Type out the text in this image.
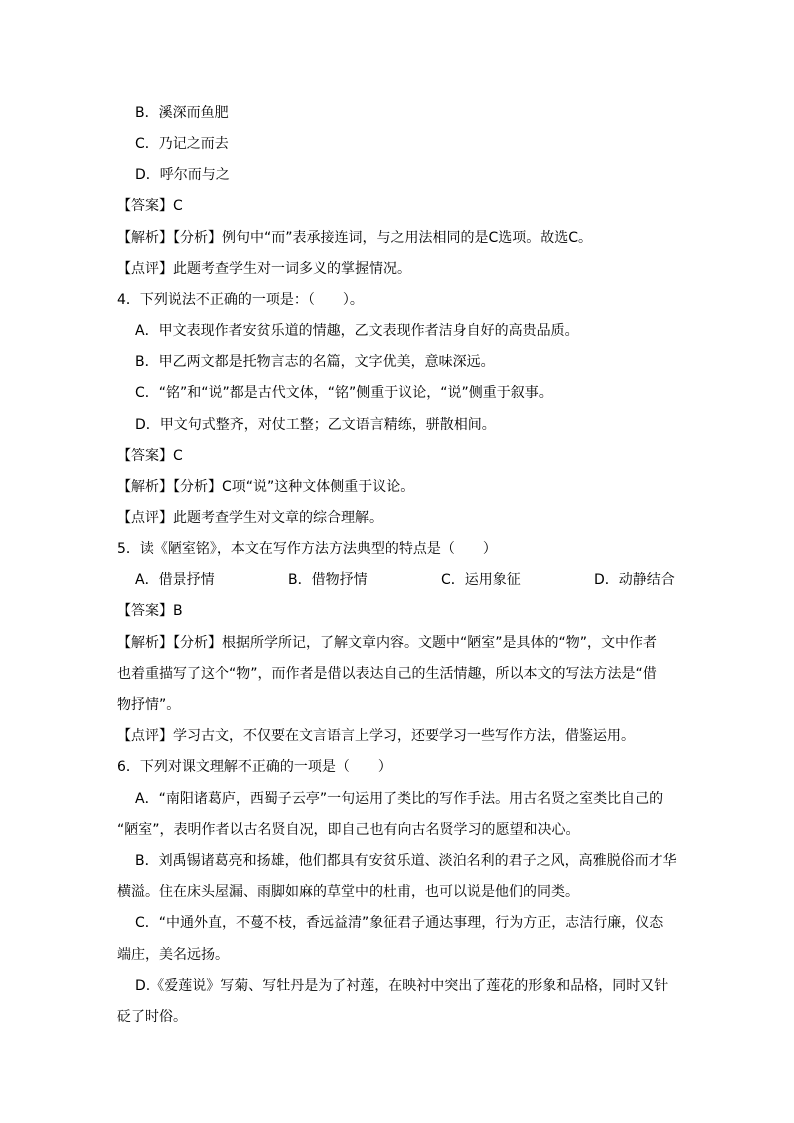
B．溪深而鱼肥
C．乃记之而去
D．呼尔而与之
【答案】C
【解析】【分析】例句中“而”表承接连词，与之用法相同的是C选项。故选C。
【点评】此题考查学生对一词多义的掌握情况。
4．下列说法不正确的一项是：（　　）。
A．甲文表现作者安贫乐道的情趣，乙文表现作者洁身自好的高贵品质。
B．甲乙两文都是托物言志的名篇，文字优美，意味深远。
C．“铭”和“说”都是古代文体，“铭”侧重于议论，“说”侧重于叙事。
D．甲文句式整齐，对仗工整；乙文语言精练，骈散相间。
【答案】C
【解析】【分析】C项“说”这种文体侧重于议论。
【点评】此题考查学生对文章的综合理解。
5．读《陋室铭》，本文在写作方法方法典型的特点是（　　）
A．借景抒情	B．借物抒情	C．运用象征	D．动静结合
【答案】B
【解析】【分析】根据所学所记，了解文章内容。文题中“陋室”是具体的“物”，文中作者
也着重描写了这个“物”，而作者是借以表达自己的生活情趣，所以本文的写法方法是“借
物抒情”。
【点评】学习古文，不仅要在文言语言上学习，还要学习一些写作方法，借鉴运用。
6．下列对课文理解不正确的一项是（　　）
A．“南阳诸葛庐，西蜀子云亭”一句运用了类比的写作手法。用古名贤之室类比自己的
“陋室”，表明作者以古名贤自况，即自己也有向古名贤学习的愿望和决心。
B．刘禹锡诸葛亮和扬雄，他们都具有安贫乐道、淡泊名利的君子之风，高雅脱俗而才华
横溢。住在床头屋漏、雨脚如麻的草堂中的杜甫，也可以说是他们的同类。
C．“中通外直，不蔓不枝，香远益清”象征君子通达事理，行为方正，志洁行廉，仪态
端庄，美名远扬。
D.《爱莲说》写菊、写牡丹是为了衬莲，在映衬中突出了莲花的形象和品格，同时又针
砭了时俗。
